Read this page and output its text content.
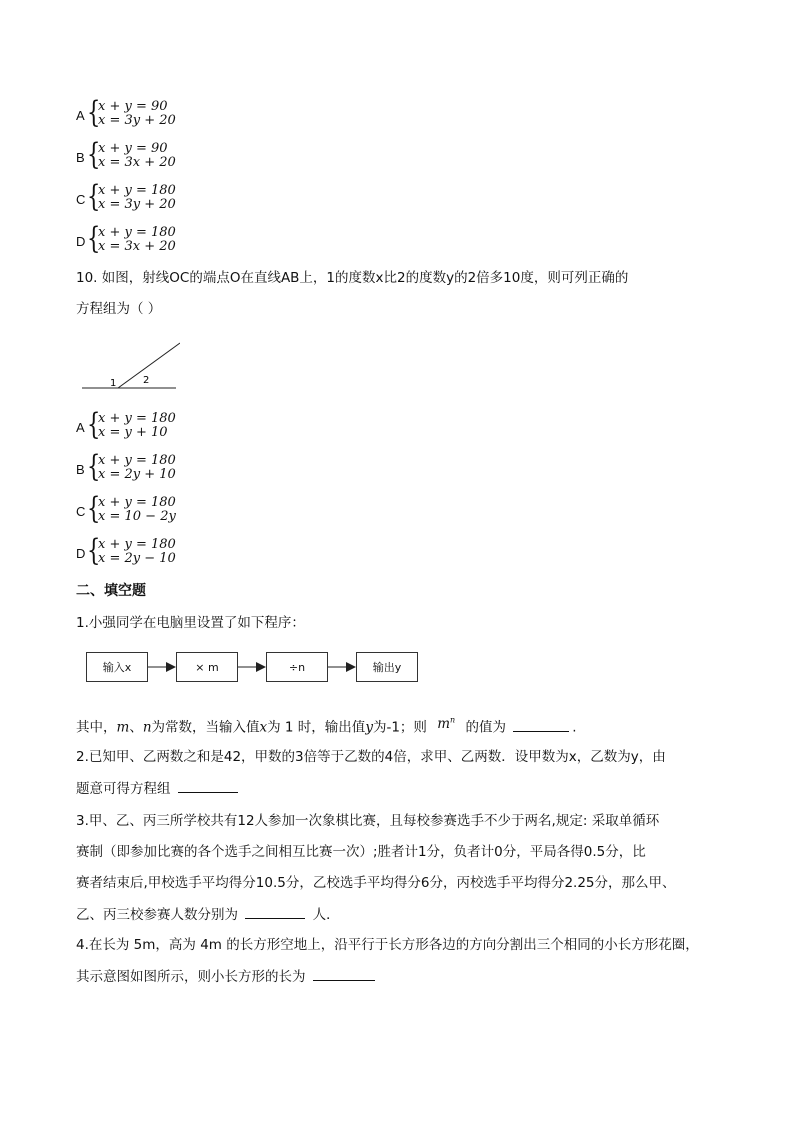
A {
x + y = 90
x = 3y + 20
B {
x + y = 90
x = 3x + 20
C {
x + y = 180
x = 3y + 20
D {
x + y = 180
x = 3x + 20
10. 如图，射线OC的端点O在直线AB上，1的度数x比2的度数y的2倍多10度，则可列正确的
方程组为（ ）
1	2
A {
x + y = 180
x = y + 10
B {
x + y = 180
x = 2y + 10
C {
x + y = 180
x = 10 − 2y
D {
x + y = 180
x = 2y − 10
二、填空题
1.小强同学在电脑里设置了如下程序：
输入x	× m	÷n	输出y
其中，m、n为常数，当输入值x为 1 时，输出值y为-1；则 $m^n$ 的值为	.
2.已知甲、乙两数之和是42，甲数的3倍等于乙数的4倍，求甲、乙两数．设甲数为x，乙数为y，由
题意可得方程组
3.甲、乙、丙三所学校共有12人参加一次象棋比赛，且每校参赛选手不少于两名,规定: 采取单循环
赛制（即参加比赛的各个选手之间相互比赛一次）;胜者计1分，负者计0分，平局各得0.5分，比
赛者结束后,甲校选手平均得分10.5分，乙校选手平均得分6分，丙校选手平均得分2.25分，那么甲、
乙、丙三校参赛人数分别为	人．
4.在长为 5m，高为 4m 的长方形空地上，沿平行于长方形各边的方向分割出三个相同的小长方形花圈，
其示意图如图所示，则小长方形的长为
